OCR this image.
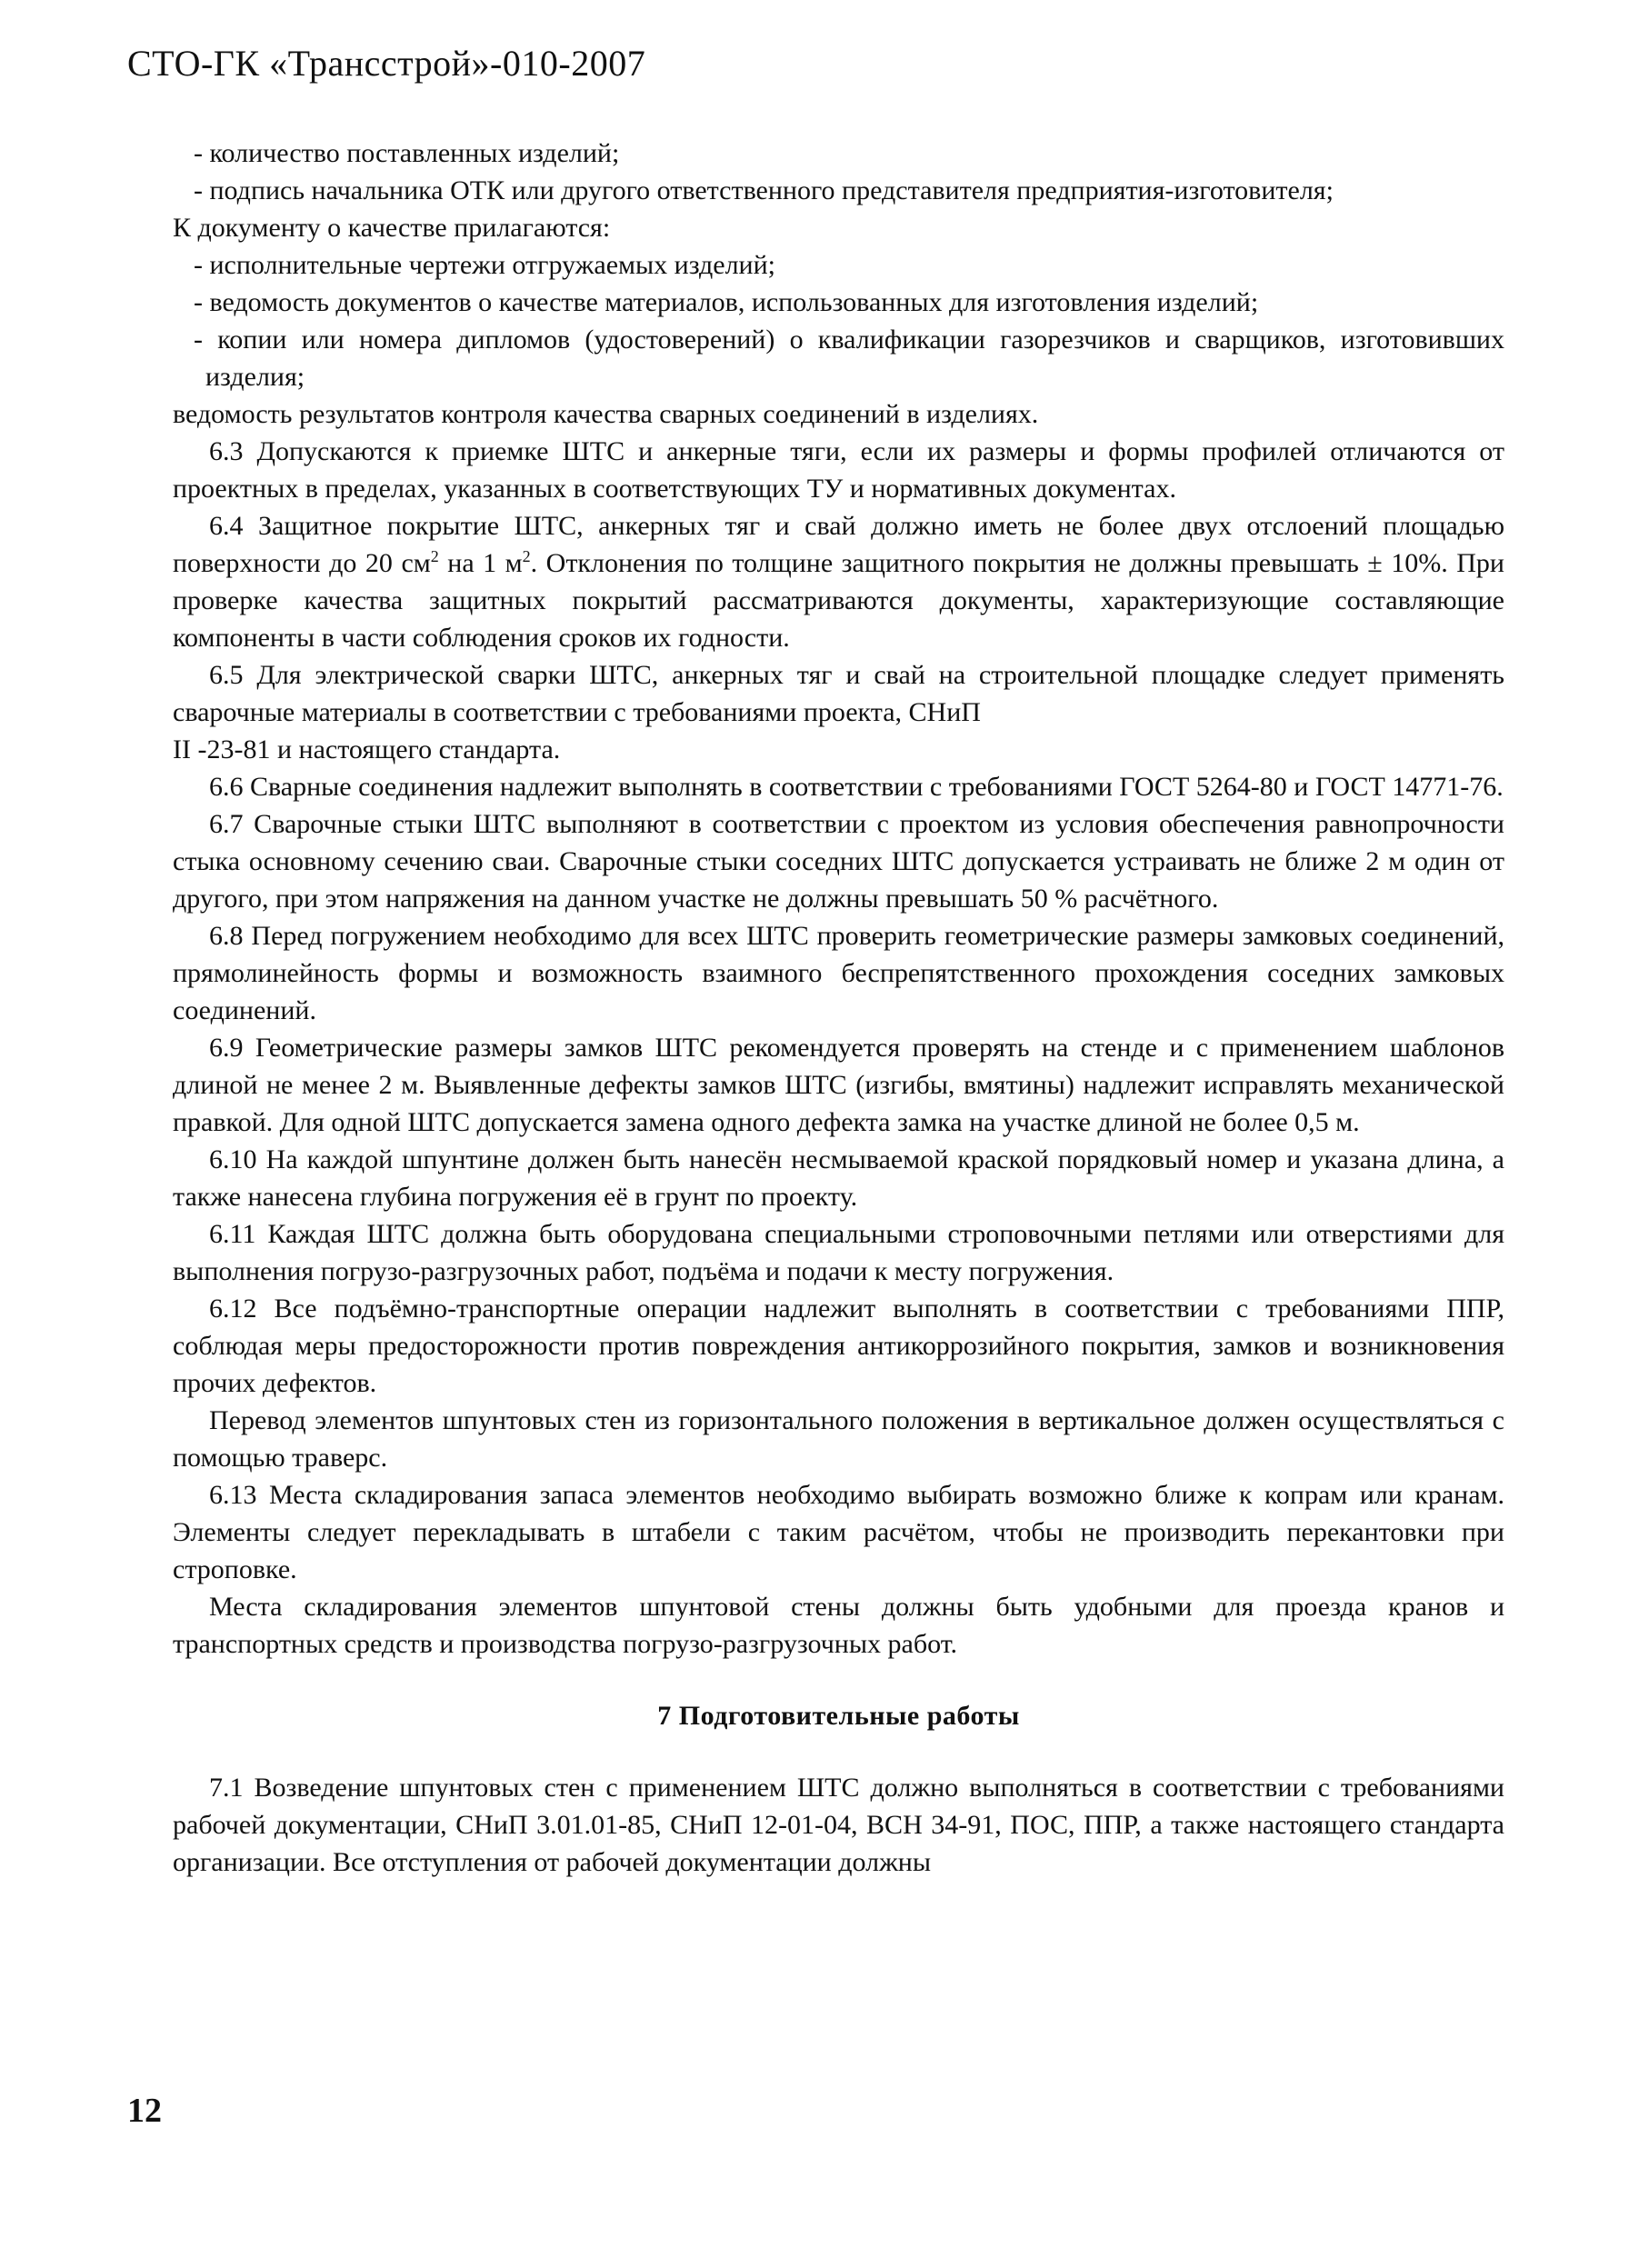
СТО-ГК «Трансстрой»-010-2007

- количество поставленных изделий;

- подпись начальника ОТК или другого ответственного представителя предприятия-изготовителя;

К документу о качестве прилагаются:

- исполнительные чертежи отгружаемых изделий;

- ведомость документов о качестве материалов, использованных для изготовления изделий;

- копии или номера дипломов (удостоверений) о квалификации газорезчиков и сварщиков, изготовивших изделия;

ведомость результатов контроля качества сварных соединений в изделиях.

6.3 Допускаются к приемке ШТС и анкерные тяги, если их размеры и формы профилей отличаются от проектных в пределах, указанных в соответствующих ТУ и нормативных документах.

6.4 Защитное покрытие ШТС, анкерных тяг и свай должно иметь не более двух отслоений площадью поверхности до 20 $см^2$ на 1 $м^2$. Отклонения по толщине защитного покрытия не должны превышать ± 10%. При проверке качества защитных покрытий рассматриваются документы, характеризующие составляющие компоненты в части соблюдения сроков их годности.

6.5 Для электрической сварки ШТС, анкерных тяг и свай на строительной площадке следует применять сварочные материалы в соответствии с требованиями проекта, СНиП

II -23-81 и настоящего стандарта.

6.6 Сварные соединения надлежит выполнять в соответствии с требованиями ГОСТ 5264-80 и ГОСТ 14771-76.

6.7 Сварочные стыки ШТС выполняют в соответствии с проектом из условия обеспечения равнопрочности стыка основному сечению сваи. Сварочные стыки соседних ШТС допускается устраивать не ближе 2 м один от другого, при этом напряжения на данном участке не должны превышать 50 % расчётного.

6.8 Перед погружением необходимо для всех ШТС проверить геометрические размеры замковых соединений, прямолинейность формы и возможность взаимного беспрепятственного прохождения соседних замковых соединений.

6.9 Геометрические размеры замков ШТС рекомендуется проверять на стенде и с применением шаблонов длиной не менее 2 м. Выявленные дефекты замков ШТС (изгибы, вмятины) надлежит исправлять механической правкой. Для одной ШТС допускается замена одного дефекта замка на участке длиной не более 0,5 м.

6.10 На каждой шпунтине должен быть нанесён несмываемой краской порядковый номер и указана длина, а также нанесена глубина погружения её в грунт по проекту.

6.11 Каждая ШТС должна быть оборудована специальными строповочными петлями или отверстиями для выполнения погрузо-разгрузочных работ, подъёма и подачи к месту погружения.

6.12 Все подъёмно-транспортные операции надлежит выполнять в соответствии с требованиями ППР, соблюдая меры предосторожности против повреждения антикоррозийного покрытия, замков и возникновения прочих дефектов.

Перевод элементов шпунтовых стен из горизонтального положения в вертикальное должен осуществляться с помощью траверс.

6.13 Места складирования запаса элементов необходимо выбирать возможно ближе к копрам или кранам. Элементы следует перекладывать в штабели с таким расчётом, чтобы не производить перекантовки при строповке.

Места складирования элементов шпунтовой стены должны быть удобными для проезда кранов и транспортных средств и производства погрузо-разгрузочных работ.

7 Подготовительные работы

7.1 Возведение шпунтовых стен с применением ШТС должно выполняться в соответствии с требованиями рабочей документации, СНиП 3.01.01-85, СНиП 12-01-04, ВСН 34-91, ПОС, ППР, а также настоящего стандарта организации. Все отступления от рабочей документации должны

12
